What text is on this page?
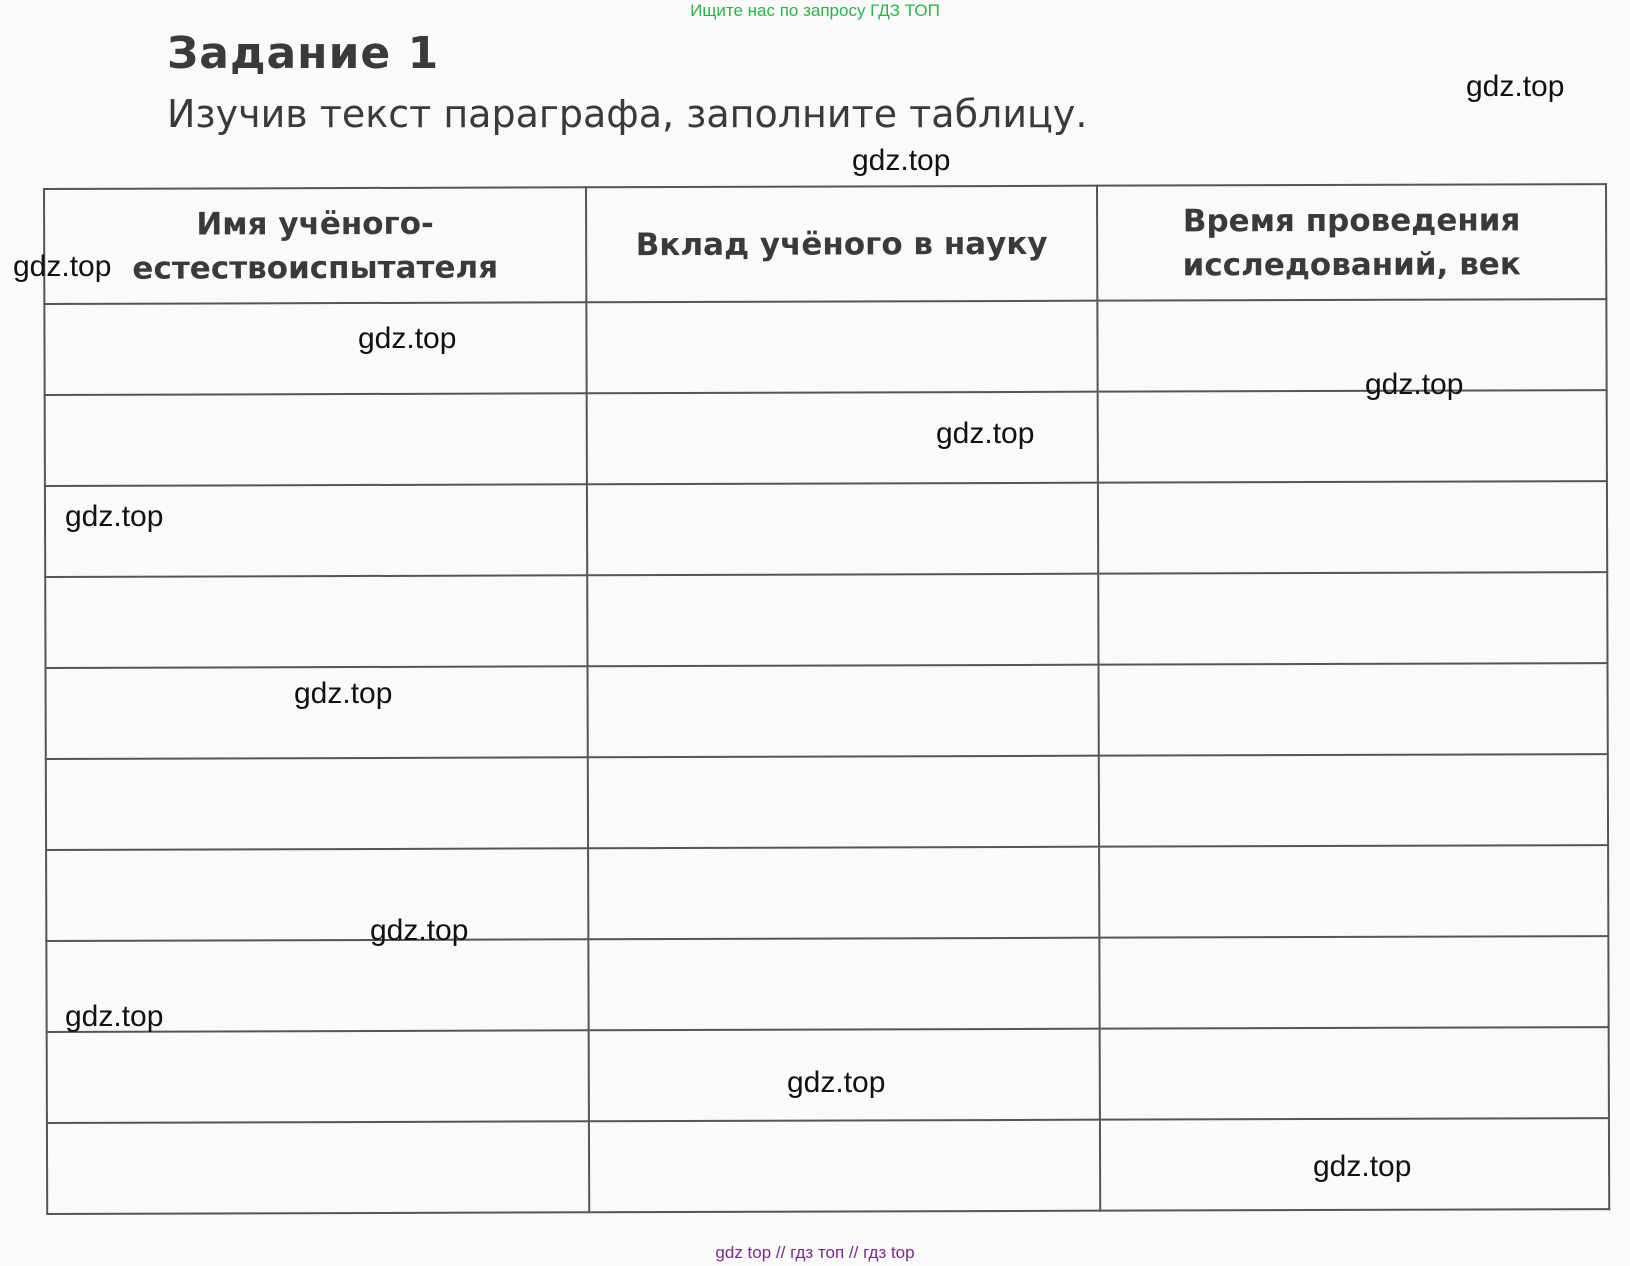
Ищите нас по запросу ГДЗ ТОП
Задание 1
Изучив текст параграфа, заполните таблицу.
Имя учёного-
естествоиспытателя	Вклад учёного в науку	Время проведения
исследований, век

gdz.top
gdz.top
gdz.top
gdz.top
gdz.top
gdz.top
gdz.top
gdz.top
gdz.top
gdz.top
gdz.top
gdz.top
gdz top // гдз топ // гдз top
